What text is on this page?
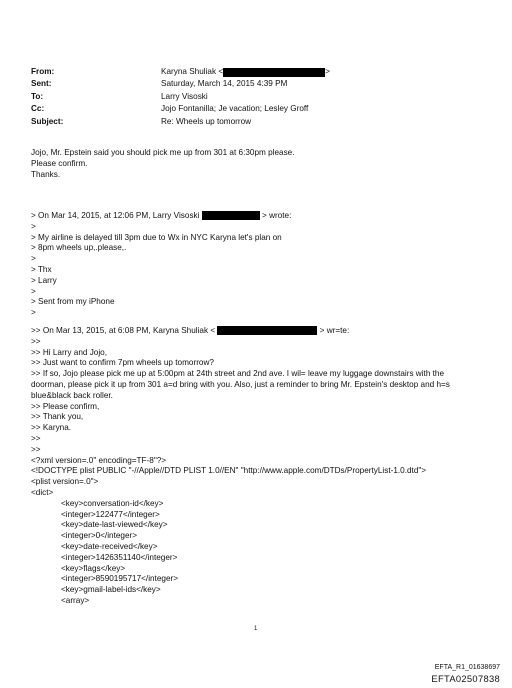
From:	Karyna Shuliak <	>
Sent:	Saturday, March 14, 2015 4:39 PM
To:	Larry Visoski
Cc:	Jojo Fontanilla; Je vacation; Lesley Groff
Subject:	Re: Wheels up tomorrow
Jojo, Mr. Epstein said you should pick me up from 301 at 6:30pm please.
Please confirm.
Thanks.
> On Mar 14, 2015, at 12:06 PM, Larry Visoski	> wrote:
>
> My airline is delayed till 3pm due to Wx in NYC Karyna let's plan on
> 8pm wheels up,.please,.
>
> Thx
> Larry
>
> Sent from my iPhone
>
>> On Mar 13, 2015, at 6:08 PM, Karyna Shuliak <	> wr=te:
>>
>> Hi Larry and Jojo,
>> Just want to confirm 7pm wheels up tomorrow?
>> If so, Jojo please pick me up at 5:00pm at 24th street and 2nd ave. I wil= leave my luggage downstairs with the
doorman, please pick it up from 301 a=d bring with you. Also, just a reminder to bring Mr. Epstein's desktop and h=s
blue&black back roller.
>> Please confirm,
>> Thank you,
>> Karyna.
>>
>>
<?xml version=.0" encoding=TF-8"?>
<!DOCTYPE plist PUBLIC "-//Apple//DTD PLIST 1.0//EN" "http://www.apple.com/DTDs/PropertyList-1.0.dtd">
<plist version=.0">
<dict>
<key>conversation-id</key>
<integer>122477</integer>
<key>date-last-viewed</key>
<integer>0</integer>
<key>date-received</key>
<integer>1426351140</integer>
<key>flags</key>
<integer>8590195717</integer>
<key>gmail-label-ids</key>
<array>
1
EFTA_R1_01638697
EFTA02507838
